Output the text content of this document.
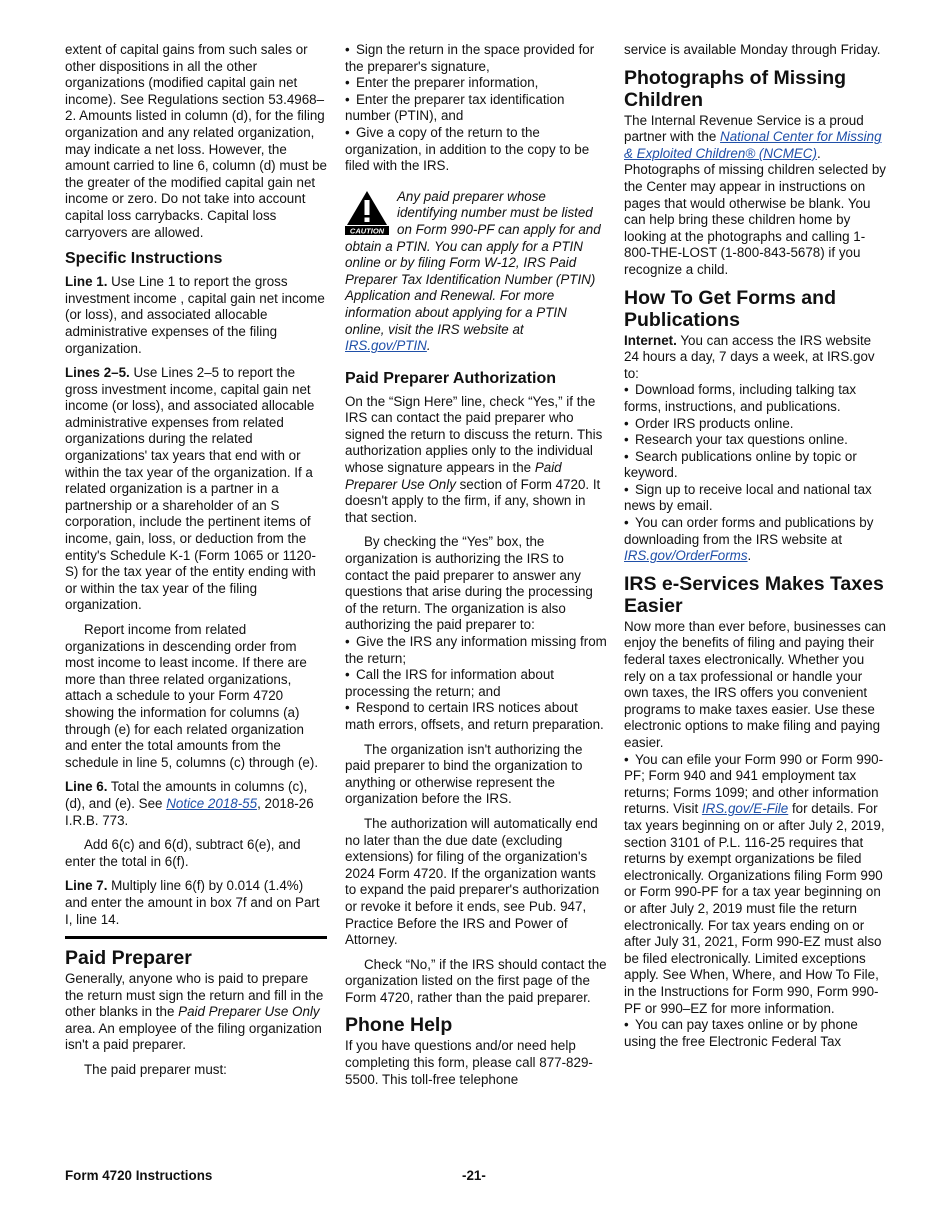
extent of capital gains from such sales or other dispositions in all the other organizations (modified capital gain net income). See Regulations section 53.4968–2. Amounts listed in column (d), for the filing organization and any related organization, may indicate a net loss. However, the amount carried to line 6, column (d) must be the greater of the modified capital gain net income or zero. Do not take into account capital loss carrybacks. Capital loss carryovers are allowed.

Specific Instructions

Line 1. Use Line 1 to report the gross investment income , capital gain net income (or loss), and associated allocable administrative expenses of the filing organization.

Lines 2–5. Use Lines 2–5 to report the gross investment income, capital gain net income (or loss), and associated allocable administrative expenses from related organizations during the related organizations' tax years that end with or within the tax year of the organization. If a related organization is a partner in a partnership or a shareholder of an S corporation, include the pertinent items of income, gain, loss, or deduction from the entity's Schedule K-1 (Form 1065 or 1120-S) for the tax year of the entity ending with or within the tax year of the filing organization.

Report income from related organizations in descending order from most income to least income. If there are more than three related organizations, attach a schedule to your Form 4720 showing the information for columns (a) through (e) for each related organization and enter the total amounts from the schedule in line 5, columns (c) through (e).

Line 6. Total the amounts in columns (c), (d), and (e). See Notice 2018-55, 2018-26 I.R.B. 773.

Add 6(c) and 6(d), subtract 6(e), and enter the total in 6(f).

Line 7. Multiply line 6(f) by 0.014 (1.4%) and enter the amount in box 7f and on Part I, line 14.

Paid Preparer

Generally, anyone who is paid to prepare the return must sign the return and fill in the other blanks in the Paid Preparer Use Only area. An employee of the filing organization isn't a paid preparer.

The paid preparer must:

• Sign the return in the space provided for the preparer's signature,

• Enter the preparer information,

• Enter the preparer tax identification number (PTIN), and

• Give a copy of the return to the organization, in addition to the copy to be filed with the IRS.

CAUTION
Any paid preparer whose identifying number must be listed on Form 990-PF can apply for and obtain a PTIN. You can apply for a PTIN online or by filing Form W-12, IRS Paid Preparer Tax Identification Number (PTIN) Application and Renewal. For more information about applying for a PTIN online, visit the IRS website at IRS.gov/PTIN.
Paid Preparer Authorization

On the “Sign Here” line, check “Yes,” if the IRS can contact the paid preparer who signed the return to discuss the return. This authorization applies only to the individual whose signature appears in the Paid Preparer Use Only section of Form 4720. It doesn't apply to the firm, if any, shown in that section.

By checking the “Yes” box, the organization is authorizing the IRS to contact the paid preparer to answer any questions that arise during the processing of the return. The organization is also authorizing the paid preparer to:

• Give the IRS any information missing from the return;

• Call the IRS for information about processing the return; and

• Respond to certain IRS notices about math errors, offsets, and return preparation.

The organization isn't authorizing the paid preparer to bind the organization to anything or otherwise represent the organization before the IRS.

The authorization will automatically end no later than the due date (excluding extensions) for filing of the organization's 2024 Form 4720. If the organization wants to expand the paid preparer's authorization or revoke it before it ends, see Pub. 947, Practice Before the IRS and Power of Attorney.

Check “No,” if the IRS should contact the organization listed on the first page of the Form 4720, rather than the paid preparer.

Phone Help

If you have questions and/or need help completing this form, please call 877-829-5500. This toll-free telephone

service is available Monday through Friday.

Photographs of Missing Children

The Internal Revenue Service is a proud partner with the National Center for Missing & Exploited Children® (NCMEC). Photographs of missing children selected by the Center may appear in instructions on pages that would otherwise be blank. You can help bring these children home by looking at the photographs and calling 1-800-THE-LOST (1-800-843-5678) if you recognize a child.

How To Get Forms and Publications

Internet. You can access the IRS website 24 hours a day, 7 days a week, at IRS.gov to:

• Download forms, including talking tax forms, instructions, and publications.

• Order IRS products online.

• Research your tax questions online.

• Search publications online by topic or keyword.

• Sign up to receive local and national tax news by email.

• You can order forms and publications by downloading from the IRS website at IRS.gov/OrderForms.

IRS e-Services Makes Taxes Easier

Now more than ever before, businesses can enjoy the benefits of filing and paying their federal taxes electronically. Whether you rely on a tax professional or handle your own taxes, the IRS offers you convenient programs to make taxes easier. Use these electronic options to make filing and paying easier.

• You can efile your Form 990 or Form 990-PF; Form 940 and 941 employment tax returns; Forms 1099; and other information returns. Visit IRS.gov/E-File for details. For tax years beginning on or after July 2, 2019, section 3101 of P.L. 116-25 requires that returns by exempt organizations be filed electronically. Organizations filing Form 990 or Form 990-PF for a tax year beginning on or after July 2, 2019 must file the return electronically. For tax years ending on or after July 31, 2021, Form 990-EZ must also be filed electronically. Limited exceptions apply. See When, Where, and How To File, in the Instructions for Form 990, Form 990-PF or 990–EZ for more information.

• You can pay taxes online or by phone using the free Electronic Federal Tax

Form 4720 Instructions	-21-
